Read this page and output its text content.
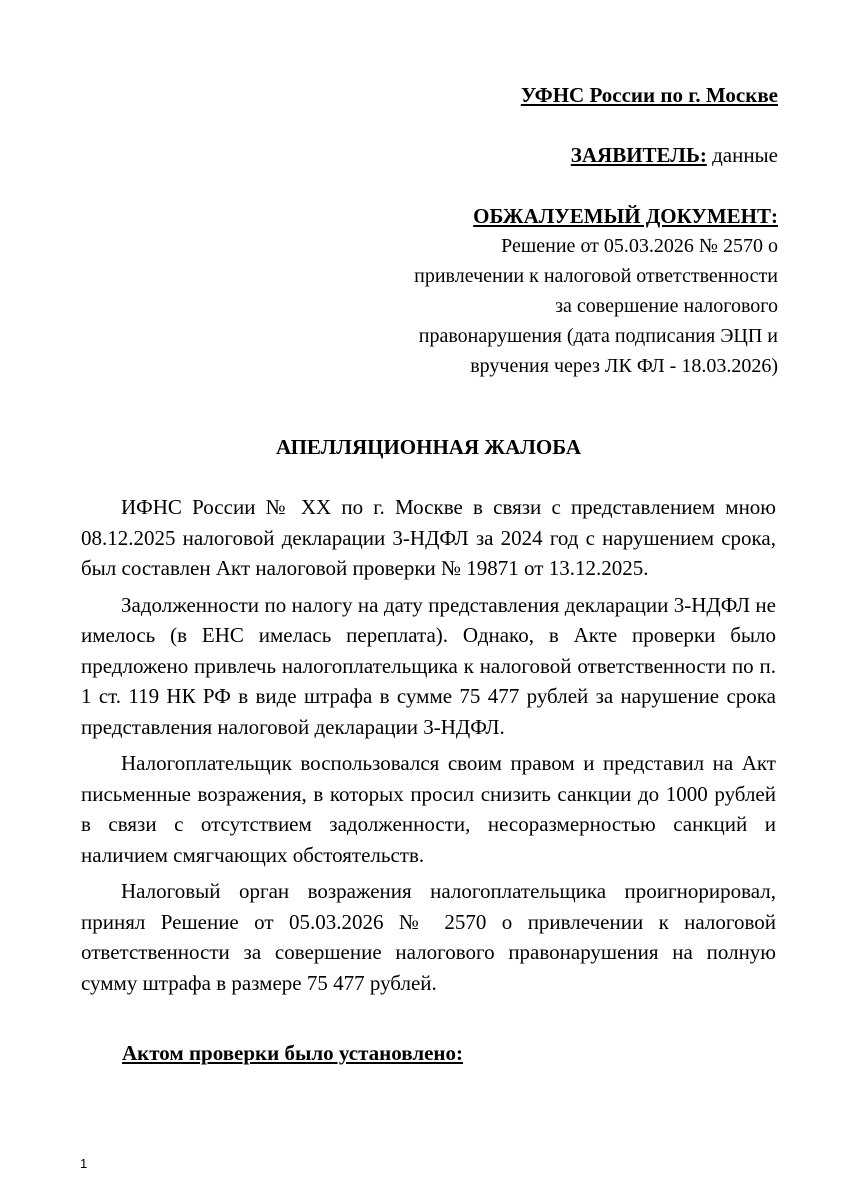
УФНС России по г. Москве
ЗАЯВИТЕЛЬ: данные
ОБЖАЛУЕМЫЙ ДОКУМЕНТ:
Решение от 05.03.2026 № 2570 о
привлечении к налоговой ответственности
за совершение налогового
правонарушения (дата подписания ЭЦП и
вручения через ЛК ФЛ - 18.03.2026)
АПЕЛЛЯЦИОННАЯ ЖАЛОБА

ИФНС России № ХХ по г. Москве в связи с представлением мною 08.12.2025 налоговой декларации 3-НДФЛ за 2024 год с нарушением срока, был составлен Акт налоговой проверки № 19871 от 13.12.2025.

Задолженности по налогу на дату представления декларации 3-НДФЛ не имелось (в ЕНС имелась переплата). Однако, в Акте проверки было предложено привлечь налогоплательщика к налоговой ответственности по п. 1 ст. 119 НК РФ в виде штрафа в сумме 75 477 рублей за нарушение срока представления налоговой декларации 3-НДФЛ.

Налогоплательщик воспользовался своим правом и представил на Акт письменные возражения, в которых просил снизить санкции до 1000 рублей в связи с отсутствием задолженности, несоразмерностью санкций и наличием смягчающих обстоятельств.

Налоговый орган возражения налогоплательщика проигнорировал, принял Решение от 05.03.2026 № 2570 о привлечении к налоговой ответственности за совершение налогового правонарушения на полную сумму штрафа в размере 75 477 рублей.

Актом проверки было установлено:
1
